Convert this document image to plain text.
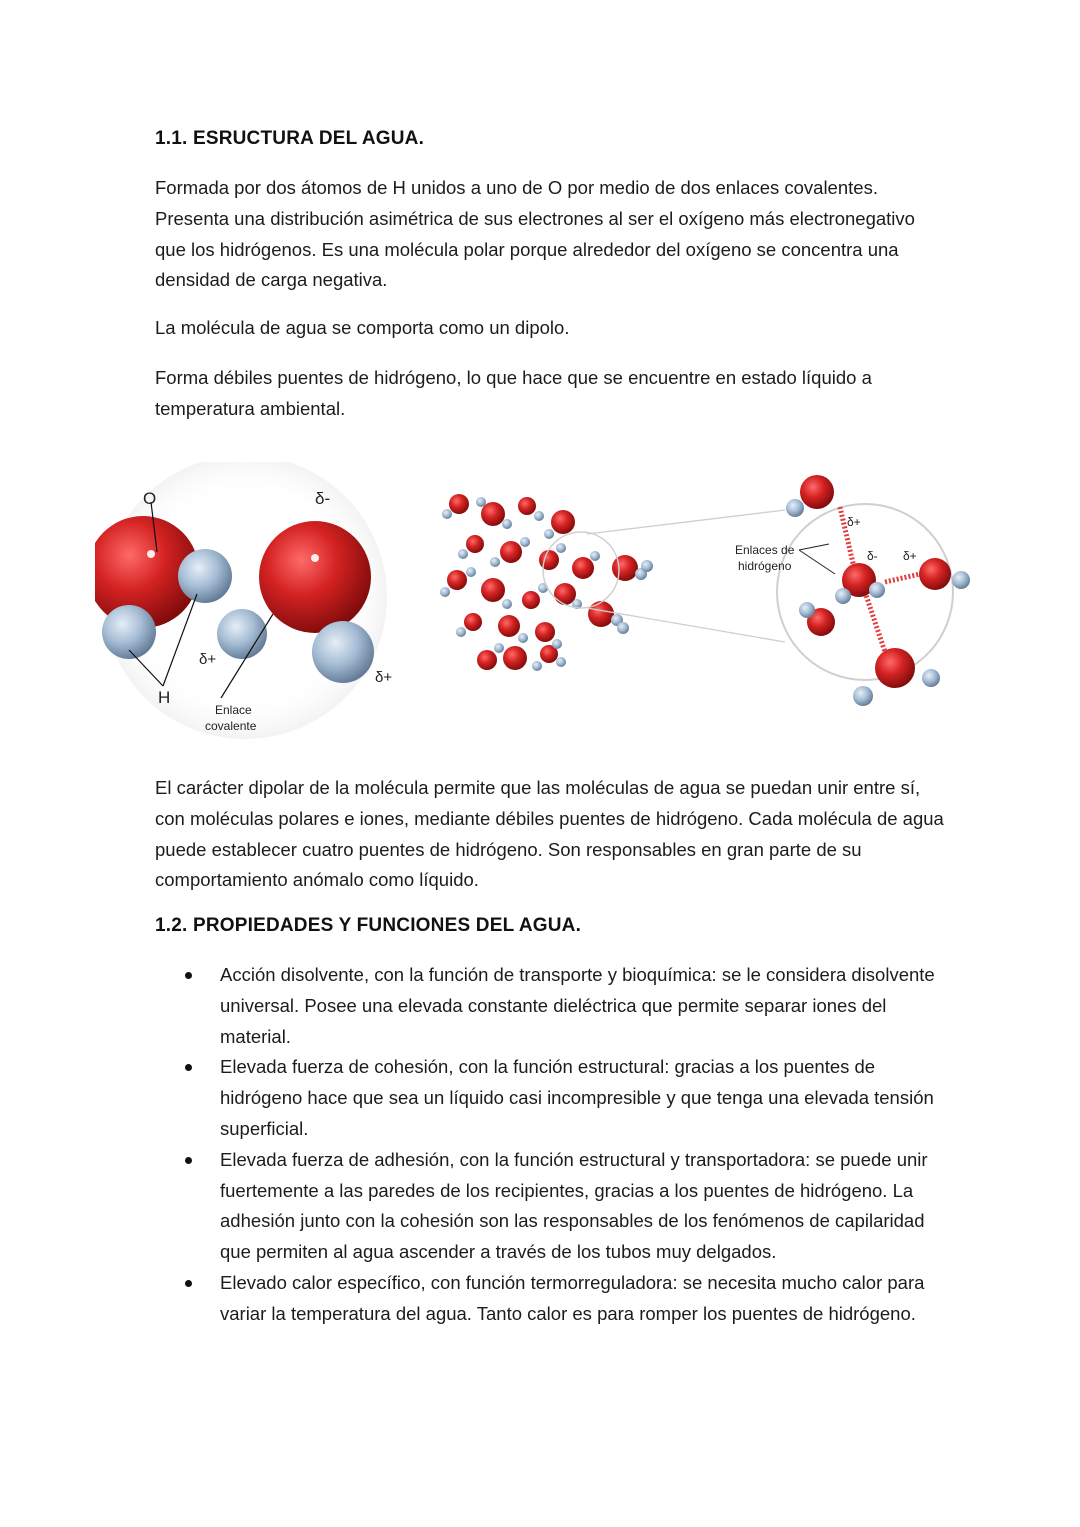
1.1. ESRUCTURA DEL AGUA.

Formada por dos átomos de H unidos a uno de O por medio de dos enlaces covalentes. Presenta una distribución asimétrica de sus electrones al ser el oxígeno más electronegativo que los hidrógenos. Es una molécula polar porque alrededor del oxígeno se concentra una densidad de carga negativa.

La molécula de agua se comporta como un dipolo.

Forma débiles puentes de hidrógeno, lo que hace que se encuentre en estado líquido a temperatura ambiental.

O
H
δ-
δ+
δ+
Enlace
covalente
Enlaces de
hidrógeno
δ+
δ- δ+

El carácter dipolar de la molécula permite que las moléculas de agua se puedan unir entre sí, con moléculas polares e iones, mediante débiles puentes de hidrógeno. Cada molécula de agua puede establecer cuatro puentes de hidrógeno. Son responsables en gran parte de su comportamiento anómalo como líquido.

1.2. PROPIEDADES Y FUNCIONES DEL AGUA.
Acción disolvente, con la función de transporte y bioquímica: se le considera disolvente universal. Posee una elevada constante dieléctrica que permite separar iones del material.
Elevada fuerza de cohesión, con la función estructural: gracias a los puentes de hidrógeno hace que sea un líquido casi incompresible y que tenga una elevada tensión superficial.
Elevada fuerza de adhesión, con la función estructural y transportadora: se puede unir fuertemente a las paredes de los recipientes, gracias a los puentes de hidrógeno. La adhesión junto con la cohesión son las responsables de los fenómenos de capilaridad que permiten al agua ascender a través de los tubos muy delgados.
Elevado calor específico, con función termorreguladora: se necesita mucho calor para variar la temperatura del agua. Tanto calor es para romper los puentes de hidrógeno.
